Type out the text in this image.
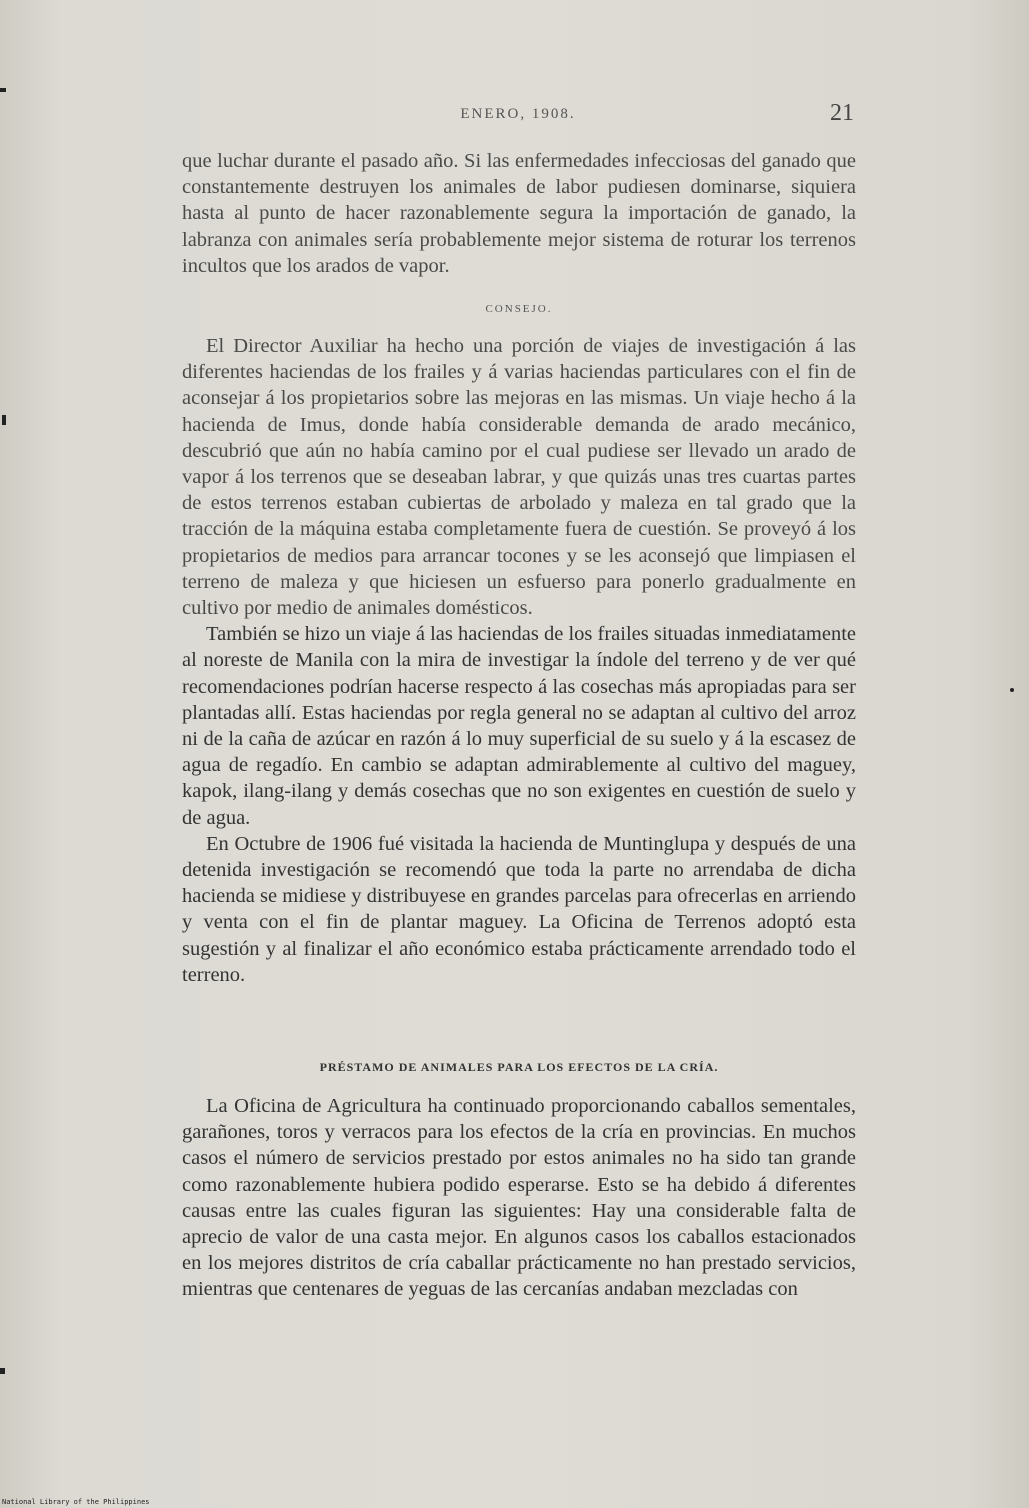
ENERO, 1908.	21

que luchar durante el pasado año. Si las enfermedades infecciosas del ganado que constantemente destruyen los animales de labor pudiesen dominarse, siquiera hasta al punto de hacer razonablemente segura la importación de ganado, la labranza con animales sería probablemente mejor sistema de roturar los terrenos incultos que los arados de vapor.

CONSEJO.

El Director Auxiliar ha hecho una porción de viajes de investigación á las diferentes haciendas de los frailes y á varias haciendas particulares con el fin de aconsejar á los propietarios sobre las mejoras en las mismas. Un viaje hecho á la hacienda de Imus, donde había considerable demanda de arado mecánico, descubrió que aún no había camino por el cual pudiese ser llevado un arado de vapor á los terrenos que se deseaban labrar, y que quizás unas tres cuartas partes de estos terrenos estaban cubiertas de arbolado y maleza en tal grado que la tracción de la máquina estaba completamente fuera de cuestión. Se proveyó á los propietarios de medios para arrancar tocones y se les aconsejó que limpiasen el terreno de maleza y que hiciesen un esfuerso para ponerlo gradualmente en cultivo por medio de animales domésticos.

También se hizo un viaje á las haciendas de los frailes situadas inmediatamente al noreste de Manila con la mira de investigar la índole del terreno y de ver qué recomendaciones podrían hacerse respecto á las cosechas más apropiadas para ser plantadas allí. Estas haciendas por regla general no se adaptan al cultivo del arroz ni de la caña de azúcar en razón á lo muy superficial de su suelo y á la escasez de agua de regadío. En cambio se adaptan admirablemente al cultivo del maguey, kapok, ilang-ilang y demás cosechas que no son exigentes en cuestión de suelo y de agua.

En Octubre de 1906 fué visitada la hacienda de Muntinglupa y después de una detenida investigación se recomendó que toda la parte no arrendaba de dicha hacienda se midiese y distribuyese en grandes parcelas para ofrecerlas en arriendo y venta con el fin de plantar maguey. La Oficina de Terrenos adoptó esta sugestión y al finalizar el año económico estaba prácticamente arrendado todo el terreno.

PRÉSTAMO DE ANIMALES PARA LOS EFECTOS DE LA CRÍA.

La Oficina de Agricultura ha continuado proporcionando caballos sementales, garañones, toros y verracos para los efectos de la cría en provincias. En muchos casos el número de servicios prestado por estos animales no ha sido tan grande como razonablemente hubiera podido esperarse. Esto se ha debido á diferentes causas entre las cuales figuran las siguientes: Hay una considerable falta de aprecio de valor de una casta mejor. En algunos casos los caballos estacionados en los mejores distritos de cría caballar prácticamente no han prestado servicios, mientras que centenares de yeguas de las cercanías andaban mezcladas con

National Library of the Philippines
